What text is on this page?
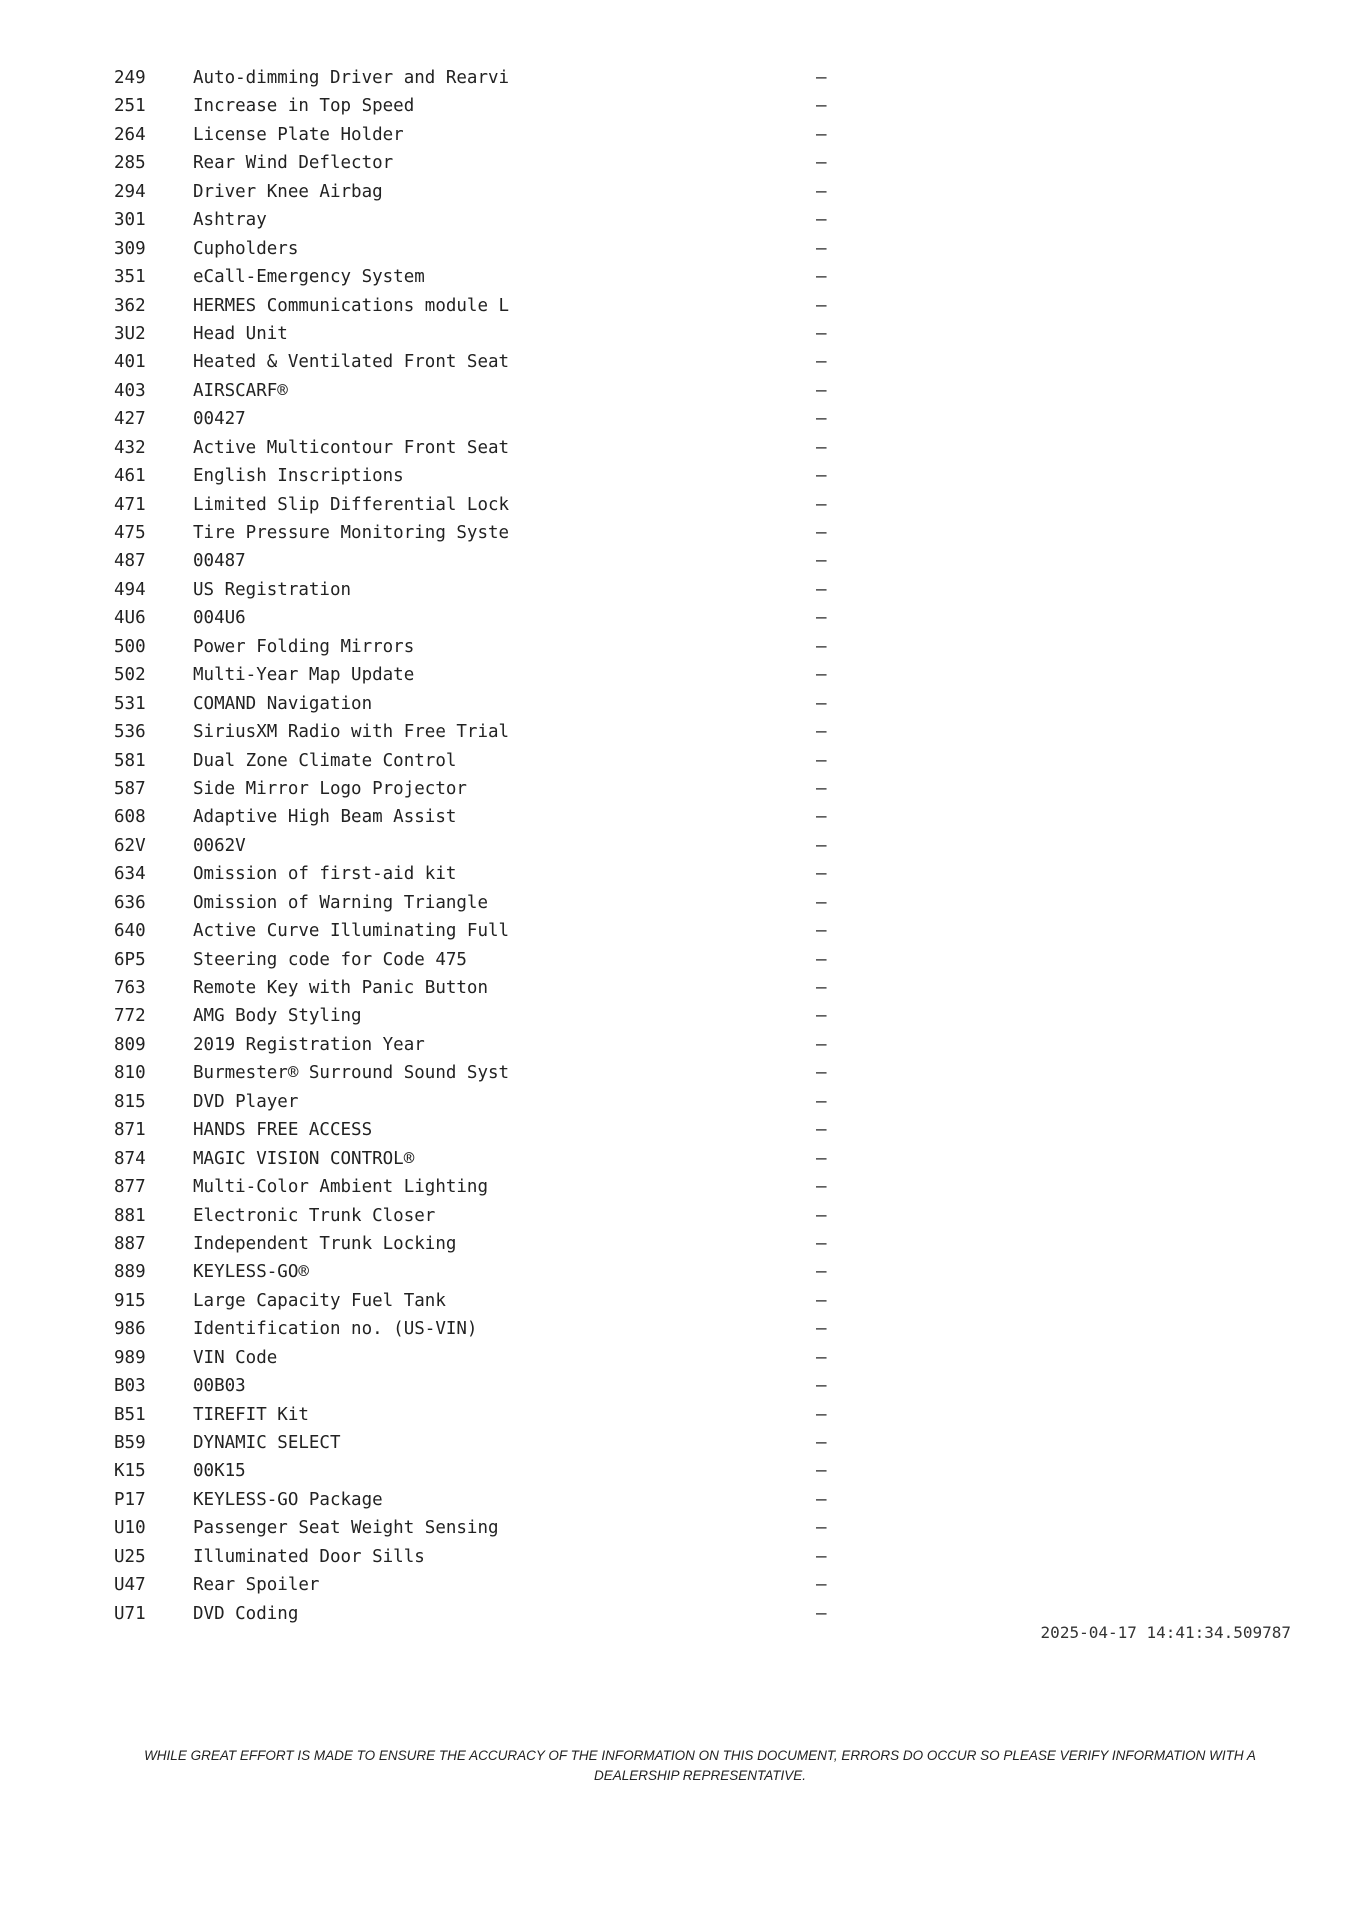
249	Auto-dimming Driver and Rearvi	—
251	Increase in Top Speed	—
264	License Plate Holder	—
285	Rear Wind Deflector	—
294	Driver Knee Airbag	—
301	Ashtray	—
309	Cupholders	—
351	eCall-Emergency System	—
362	HERMES Communications module L	—
3U2	Head Unit	—
401	Heated & Ventilated Front Seat	—
403	AIRSCARF®	—
427	00427	—
432	Active Multicontour Front Seat	—
461	English Inscriptions	—
471	Limited Slip Differential Lock	—
475	Tire Pressure Monitoring Syste	—
487	00487	—
494	US Registration	—
4U6	004U6	—
500	Power Folding Mirrors	—
502	Multi-Year Map Update	—
531	COMAND Navigation	—
536	SiriusXM Radio with Free Trial	—
581	Dual Zone Climate Control	—
587	Side Mirror Logo Projector	—
608	Adaptive High Beam Assist	—
62V	0062V	—
634	Omission of first-aid kit	—
636	Omission of Warning Triangle	—
640	Active Curve Illuminating Full	—
6P5	Steering code for Code 475	—
763	Remote Key with Panic Button	—
772	AMG Body Styling	—
809	2019 Registration Year	—
810	Burmester® Surround Sound Syst	—
815	DVD Player	—
871	HANDS FREE ACCESS	—
874	MAGIC VISION CONTROL®	—
877	Multi-Color Ambient Lighting	—
881	Electronic Trunk Closer	—
887	Independent Trunk Locking	—
889	KEYLESS-GO®	—
915	Large Capacity Fuel Tank	—
986	Identification no. (US-VIN)	—
989	VIN Code	—
B03	00B03	—
B51	TIREFIT Kit	—
B59	DYNAMIC SELECT	—
K15	00K15	—
P17	KEYLESS-GO Package	—
U10	Passenger Seat Weight Sensing	—
U25	Illuminated Door Sills	—
U47	Rear Spoiler	—
U71	DVD Coding	—
2025-04-17 14:41:34.509787
WHILE GREAT EFFORT IS MADE TO ENSURE THE ACCURACY OF THE INFORMATION ON THIS DOCUMENT, ERRORS DO OCCUR SO PLEASE VERIFY INFORMATION WITH A DEALERSHIP REPRESENTATIVE.
